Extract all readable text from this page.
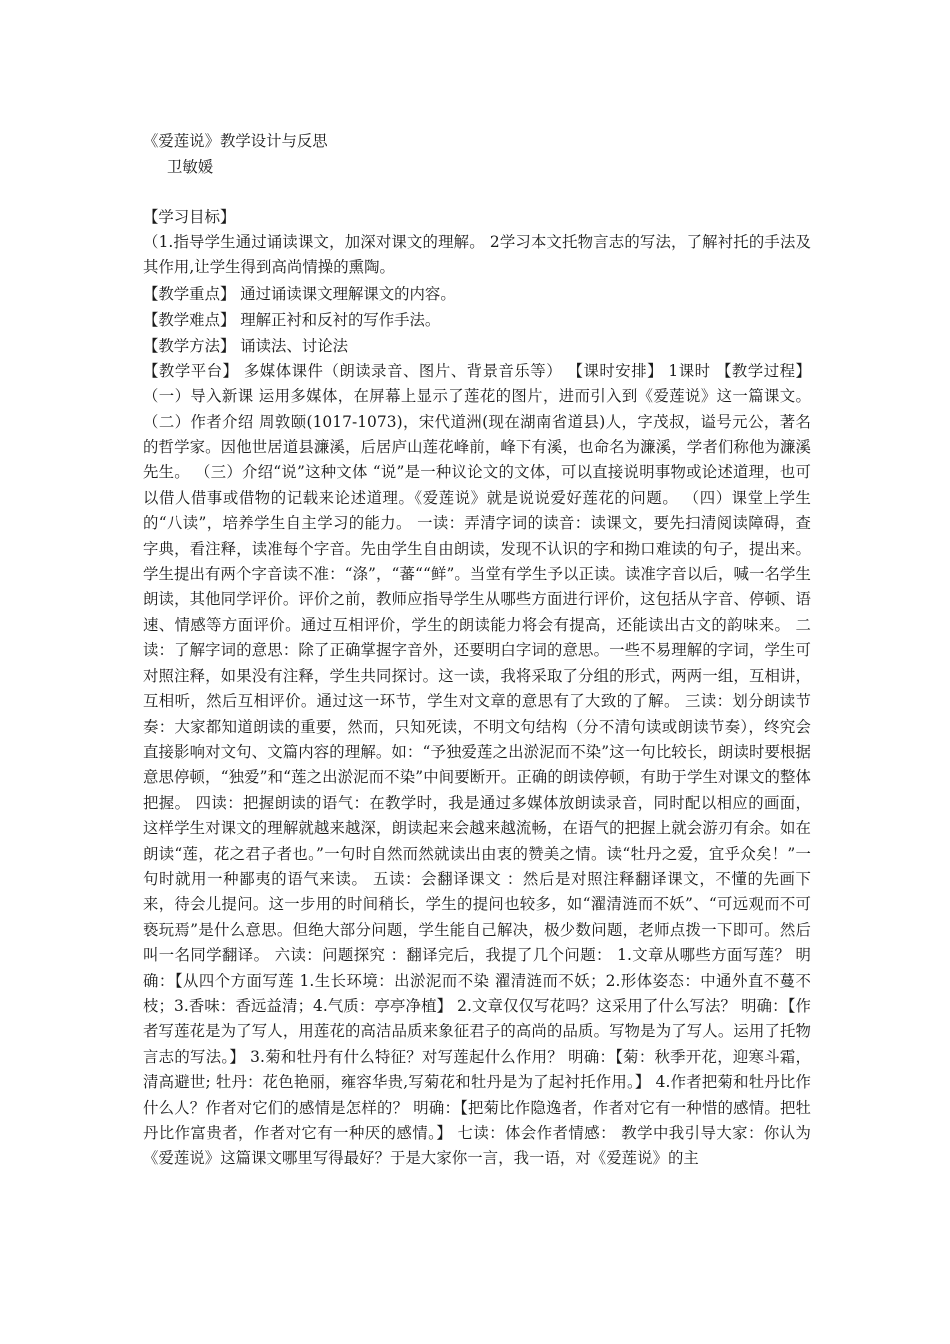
《爱莲说》教学设计与反思
卫敏媛
【学习目标】
（1.指导学生通过诵读课文，加深对课文的理解。 2学习本文托物言志的写法，了解衬托的手法及其作用,让学生得到高尚情操的熏陶。
【教学重点】 通过诵读课文理解课文的内容。
【教学难点】 理解正衬和反衬的写作手法。
【教学方法】 诵读法、讨论法
【教学平台】 多媒体课件（朗读录音、图片、背景音乐等） 【课时安排】 1课时 【教学过程】 （一）导入新课 运用多媒体，在屏幕上显示了莲花的图片，进而引入到《爱莲说》这一篇课文。 （二）作者介绍 周敦颐(1017-1073)，宋代道洲(现在湖南省道县)人，字茂叔，谥号元公，著名的哲学家。因他世居道县濂溪，后居庐山莲花峰前，峰下有溪，也命名为濂溪，学者们称他为濂溪先生。 （三）介绍“说”这种文体 “说”是一种议论文的文体，可以直接说明事物或论述道理，也可以借人借事或借物的记载来论述道理。《爱莲说》就是说说爱好莲花的问题。 （四）课堂上学生的“八读”，培养学生自主学习的能力。 一读：弄清字词的读音：读课文，要先扫清阅读障碍，查字典，看注释，读准每个字音。先由学生自由朗读，发现不认识的字和拗口难读的句子，提出来。学生提出有两个字音读不准：“涤”，“蕃““鲜”。当堂有学生予以正读。读准字音以后，喊一名学生朗读，其他同学评价。评价之前，教师应指导学生从哪些方面进行评价，这包括从字音、停顿、语速、情感等方面评价。通过互相评价，学生的朗读能力将会有提高，还能读出古文的韵味来。 二读：了解字词的意思：除了正确掌握字音外，还要明白字词的意思。一些不易理解的字词，学生可对照注释，如果没有注释，学生共同探讨。这一读，我将采取了分组的形式，两两一组，互相讲，互相听，然后互相评价。通过这一环节，学生对文章的意思有了大致的了解。 三读：划分朗读节奏：大家都知道朗读的重要，然而，只知死读，不明文句结构（分不清句读或朗读节奏），终究会直接影响对文句、文篇内容的理解。如：“予独爱莲之出淤泥而不染”这一句比较长，朗读时要根据意思停顿，“独爱”和“莲之出淤泥而不染”中间要断开。正确的朗读停顿，有助于学生对课文的整体把握。 四读：把握朗读的语气：在教学时，我是通过多媒体放朗读录音，同时配以相应的画面，这样学生对课文的理解就越来越深，朗读起来会越来越流畅，在语气的把握上就会游刃有余。如在朗读“莲，花之君子者也。”一句时自然而然就读出由衷的赞美之情。读“牡丹之爱，宜乎众矣！”一句时就用一种鄙夷的语气来读。 五读：会翻译课文 ：然后是对照注释翻译课文，不懂的先画下来，待会儿提问。这一步用的时间稍长，学生的提问也较多，如“濯清涟而不妖”、“可远观而不可亵玩焉”是什么意思。但绝大部分问题，学生能自己解决，极少数问题，老师点拨一下即可。然后叫一名同学翻译。 六读：问题探究 ：翻译完后，我提了几个问题： 1.文章从哪些方面写莲？ 明确：【从四个方面写莲 1.生长环境：出淤泥而不染 濯清涟而不妖；2.形体姿态：中通外直不蔓不枝；3.香味：香远益清；4.气质：亭亭净植】 2.文章仅仅写花吗？这采用了什么写法？ 明确：【作者写莲花是为了写人，用莲花的高洁品质来象征君子的高尚的品质。写物是为了写人。运用了托物言志的写法。】 3.菊和牡丹有什么特征？对写莲起什么作用？ 明确：【菊：秋季开花，迎寒斗霜，清高避世; 牡丹：花色艳丽，雍容华贵,写菊花和牡丹是为了起衬托作用。】 4.作者把菊和牡丹比作什么人？作者对它们的感情是怎样的？ 明确：【把菊比作隐逸者，作者对它有一种惜的感情。把牡丹比作富贵者，作者对它有一种厌的感情。】 七读：体会作者情感： 教学中我引导大家：你认为《爱莲说》这篇课文哪里写得最好？于是大家你一言，我一语，对《爱莲说》的主
